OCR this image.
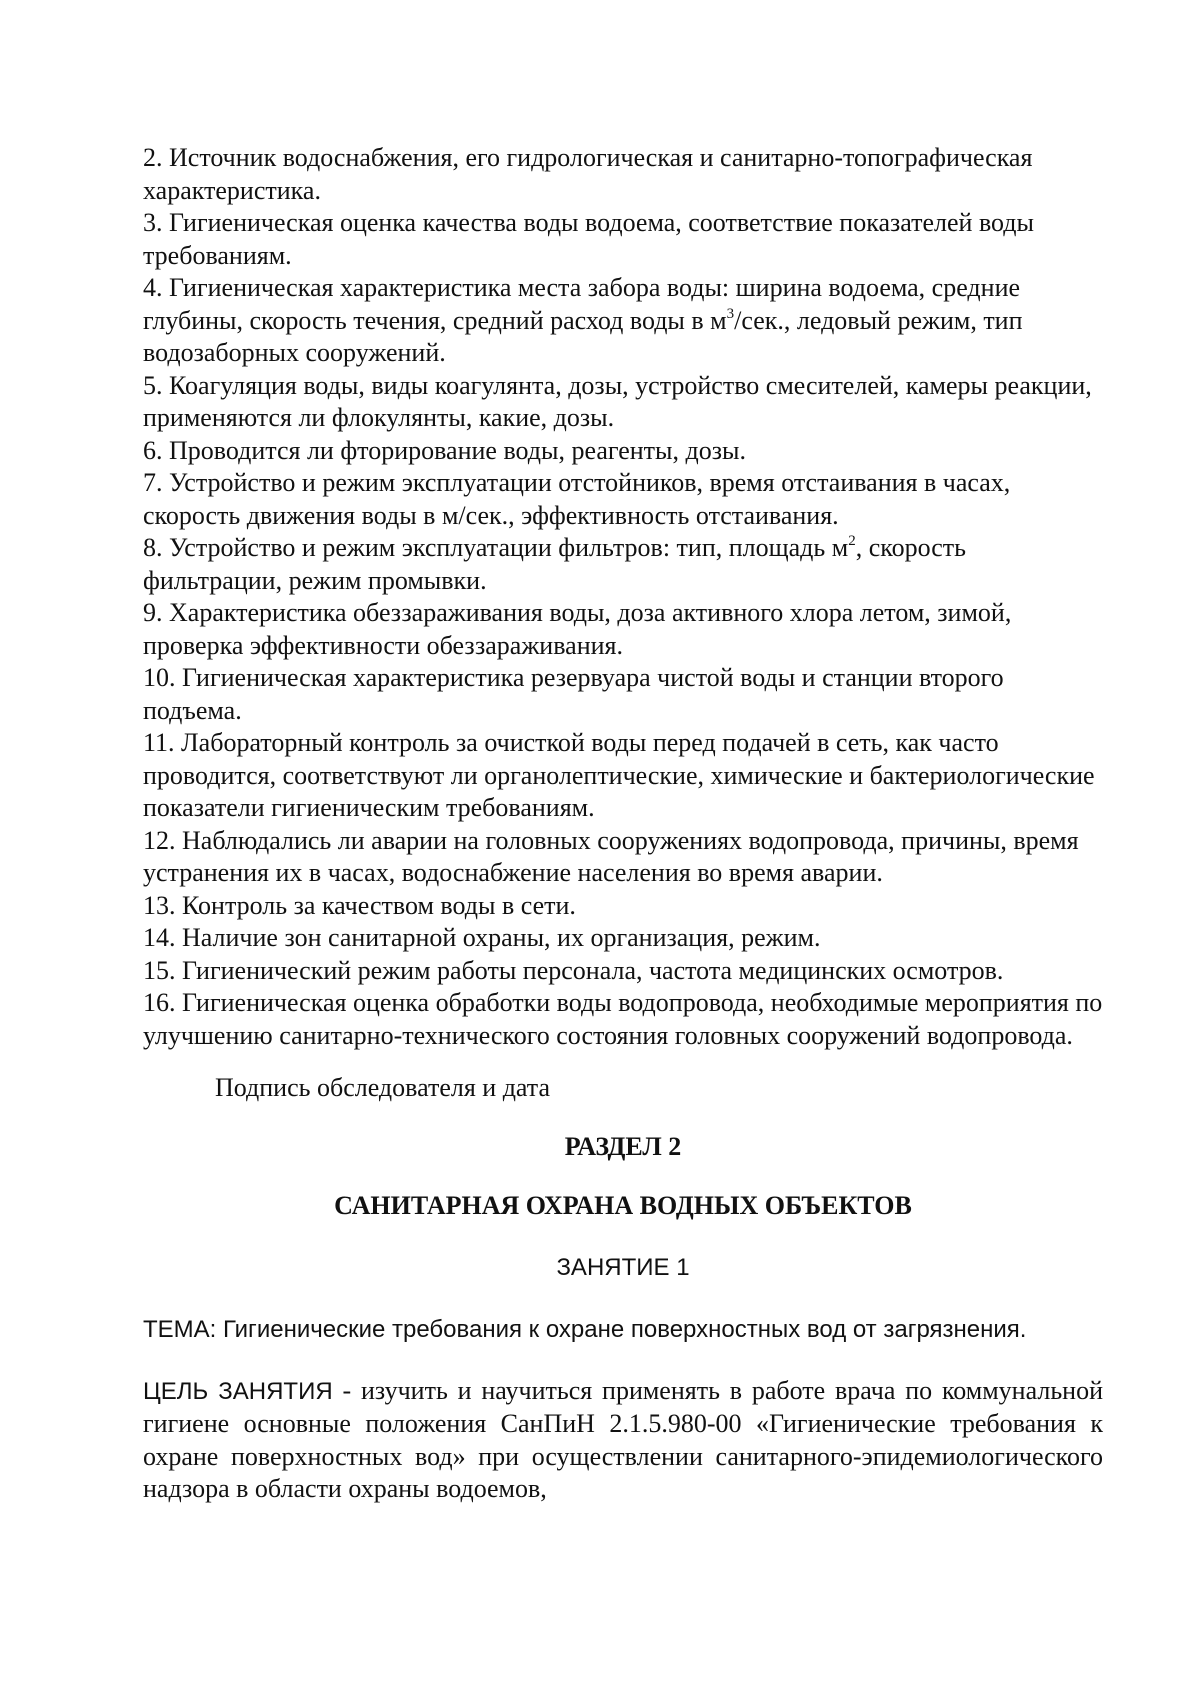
2. Источник водоснабжения, его гидрологическая и санитарно-топографическая характеристика.

3. Гигиеническая оценка качества воды водоема, соответствие показателей воды требованиям.

4. Гигиеническая характеристика места забора воды: ширина водоема, средние глубины, скорость течения, средний расход воды в $м^3$/сек., ледовый режим, тип водозаборных сооружений.

5. Коагуляция воды, виды коагулянта, дозы, устройство смесителей, камеры реакции, применяются ли флокулянты, какие, дозы.

6. Проводится ли фторирование воды, реагенты, дозы.

7. Устройство и режим эксплуатации отстойников, время отстаивания в часах, скорость движения воды в м/сек., эффективность отстаивания.

8. Устройство и режим эксплуатации фильтров: тип, площадь $м^2$, скорость фильтрации, режим промывки.

9. Характеристика обеззараживания воды, доза активного хлора летом, зимой, проверка эффективности обеззараживания.

10. Гигиеническая характеристика резервуара чистой воды и станции второго подъема.

11. Лабораторный контроль за очисткой воды перед подачей в сеть, как часто проводится, соответствуют ли органолептические, химические и бактериологические показатели гигиеническим требованиям.

12. Наблюдались ли аварии на головных сооружениях водопровода, причины, время устранения их в часах, водоснабжение населения во время аварии.

13. Контроль за качеством воды в сети.

14. Наличие зон санитарной охраны, их организация, режим.

15. Гигиенический режим работы персонала, частота медицинских осмотров.

16. Гигиеническая оценка обработки воды водопровода, необходимые мероприятия по улучшению санитарно-технического состояния головных сооружений водопровода.

Подпись обследователя и дата

РАЗДЕЛ 2

САНИТАРНАЯ ОХРАНА ВОДНЫХ ОБЪЕКТОВ

ЗАНЯТИЕ 1

ТЕМА: Гигиенические требования к охране поверхностных вод от загрязнения.

ЦЕЛЬ ЗАНЯТИЯ - изучить и научиться применять в работе врача по коммунальной гигиене основные положения СанПиН 2.1.5.980-00 «Гигиенические требования к охране поверхностных вод» при осуществлении санитарного-эпидемиологического надзора в области охраны водоемов,
